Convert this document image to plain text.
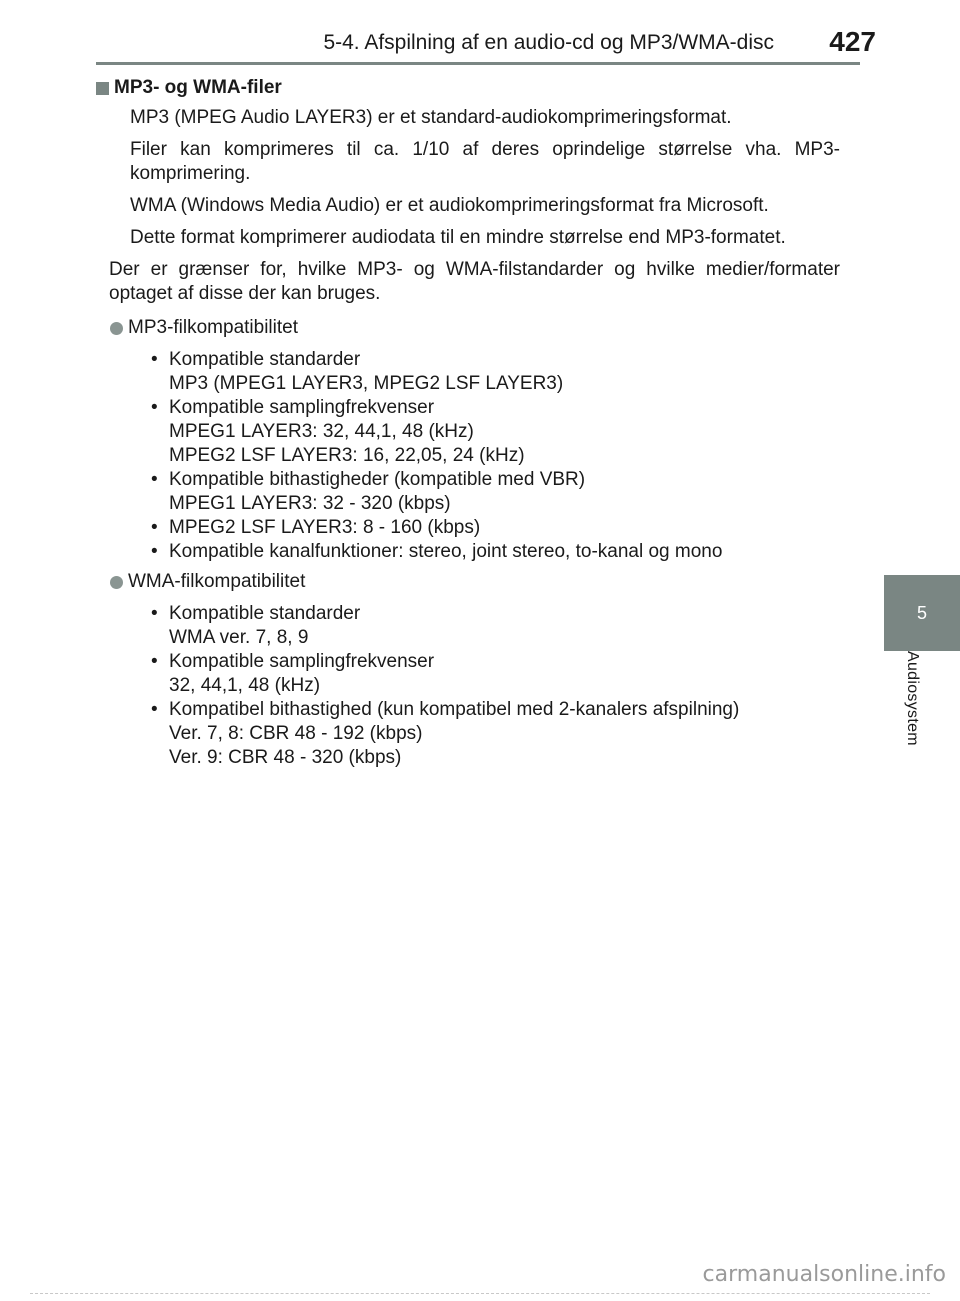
5-4. Afspilning af en audio-cd og MP3/WMA-disc 427
5
Audiosystem
MP3- og WMA-filer

MP3 (MPEG Audio LAYER3) er et standard-audiokomprimeringsformat.

Filer kan komprimeres til ca. 1/10 af deres oprindelige størrelse vha. MP3-komprimering.

WMA (Windows Media Audio) er et audiokomprimeringsformat fra Microsoft.

Dette format komprimerer audiodata til en mindre størrelse end MP3-formatet.

Der er grænser for, hvilke MP3- og WMA-filstandarder og hvilke medier/formater optaget af disse der kan bruges.

MP3-filkompatibilitet
• Kompatible standarder
MP3 (MPEG1 LAYER3, MPEG2 LSF LAYER3)
• Kompatible samplingfrekvenser
MPEG1 LAYER3: 32, 44,1, 48 (kHz)
MPEG2 LSF LAYER3: 16, 22,05, 24 (kHz)
• Kompatible bithastigheder (kompatible med VBR)
MPEG1 LAYER3: 32 - 320 (kbps)
• MPEG2 LSF LAYER3: 8 - 160 (kbps)
• Kompatible kanalfunktioner: stereo, joint stereo, to-kanal og mono
WMA-filkompatibilitet
• Kompatible standarder
WMA ver. 7, 8, 9
• Kompatible samplingfrekvenser
32, 44,1, 48 (kHz)
• Kompatibel bithastighed (kun kompatibel med 2-kanalers afspilning)
Ver. 7, 8: CBR 48 - 192 (kbps)
Ver. 9: CBR 48 - 320 (kbps)
carmanualsonline.info
